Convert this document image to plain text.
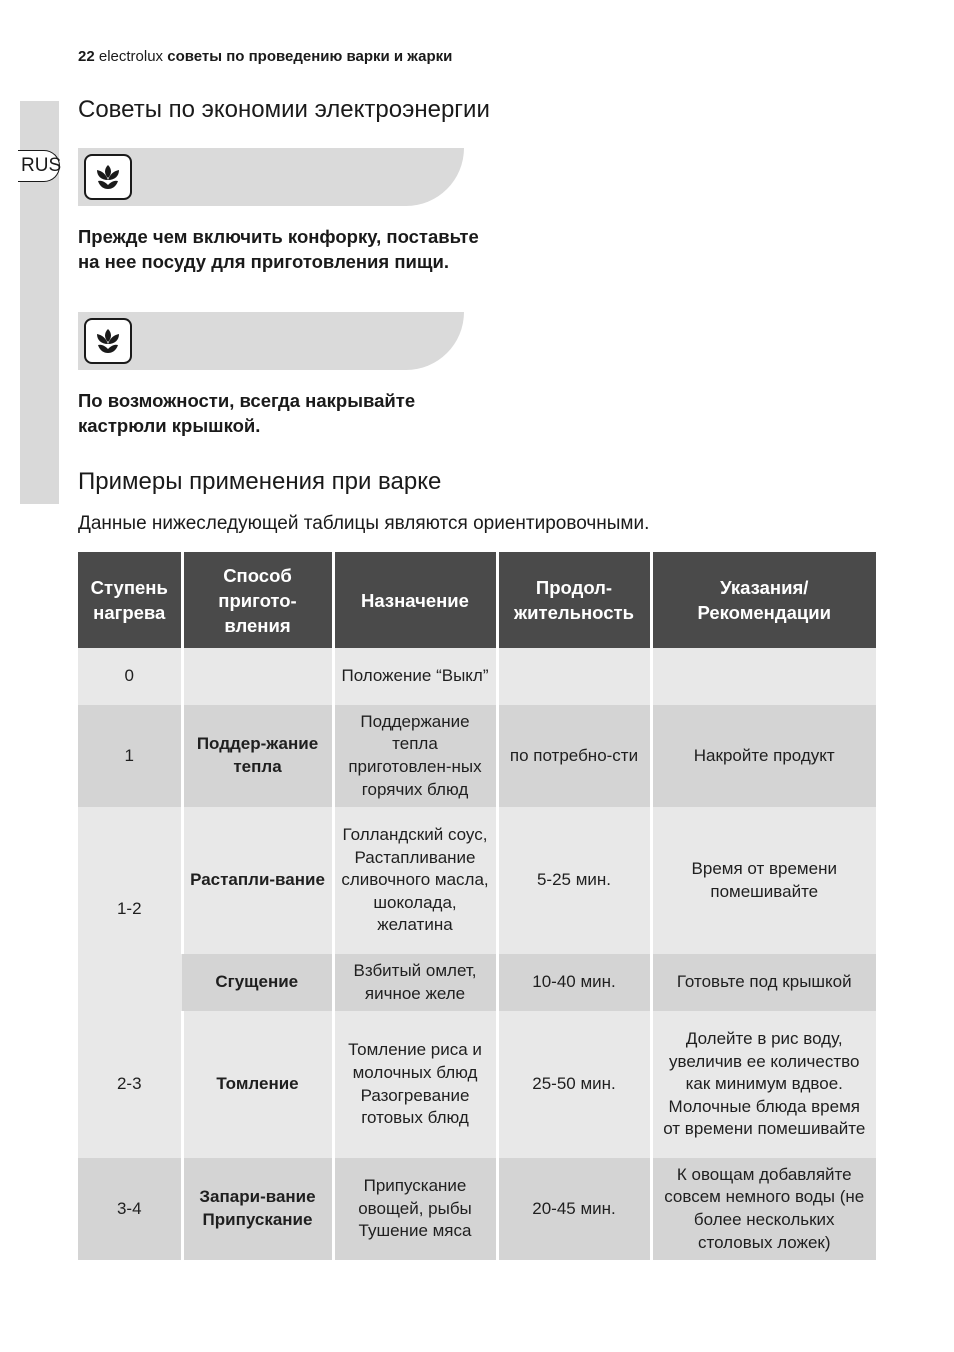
RUS
22 electrolux советы по проведению варки и жарки
Советы по экономии электроэнергии

Прежде чем включить конфорку, поставьте на нее посуду для приготовления пищи.

По возможности, всегда накрывайте кастрюли крышкой.

Примеры применения при варке
Данные нижеследующей таблицы являются ориентировочными.
Ступень нагрева	Способ пригото-вления	Назначение	Продол-жительность	Указания/ Рекомендации
0		Положение “Выкл”		
1	Поддер-жание тепла	Поддержание тепла приготовлен-ных горячих блюд	по потребно-сти	Накройте продукт
1-2	Растапли-вание	Голландский соус, Растапливание сливочного масла, шоколада, желатина	5-25 мин.	Время от времени помешивайте
	Сгущение	Взбитый омлет, яичное желе	10-40 мин.	Готовьте под крышкой
2-3	Томление	Томление риса и молочных блюд Разогревание готовых блюд	25-50 мин.	Долейте в рис воду, увеличив ее количество как минимум вдвое. Молочные блюда время от времени помешивайте
3-4	Запари-вание Припускание	Припускание овощей, рыбы Тушение мяса	20-45 мин.	К овощам добавляйте совсем немного воды (не более нескольких столовых ложек)
